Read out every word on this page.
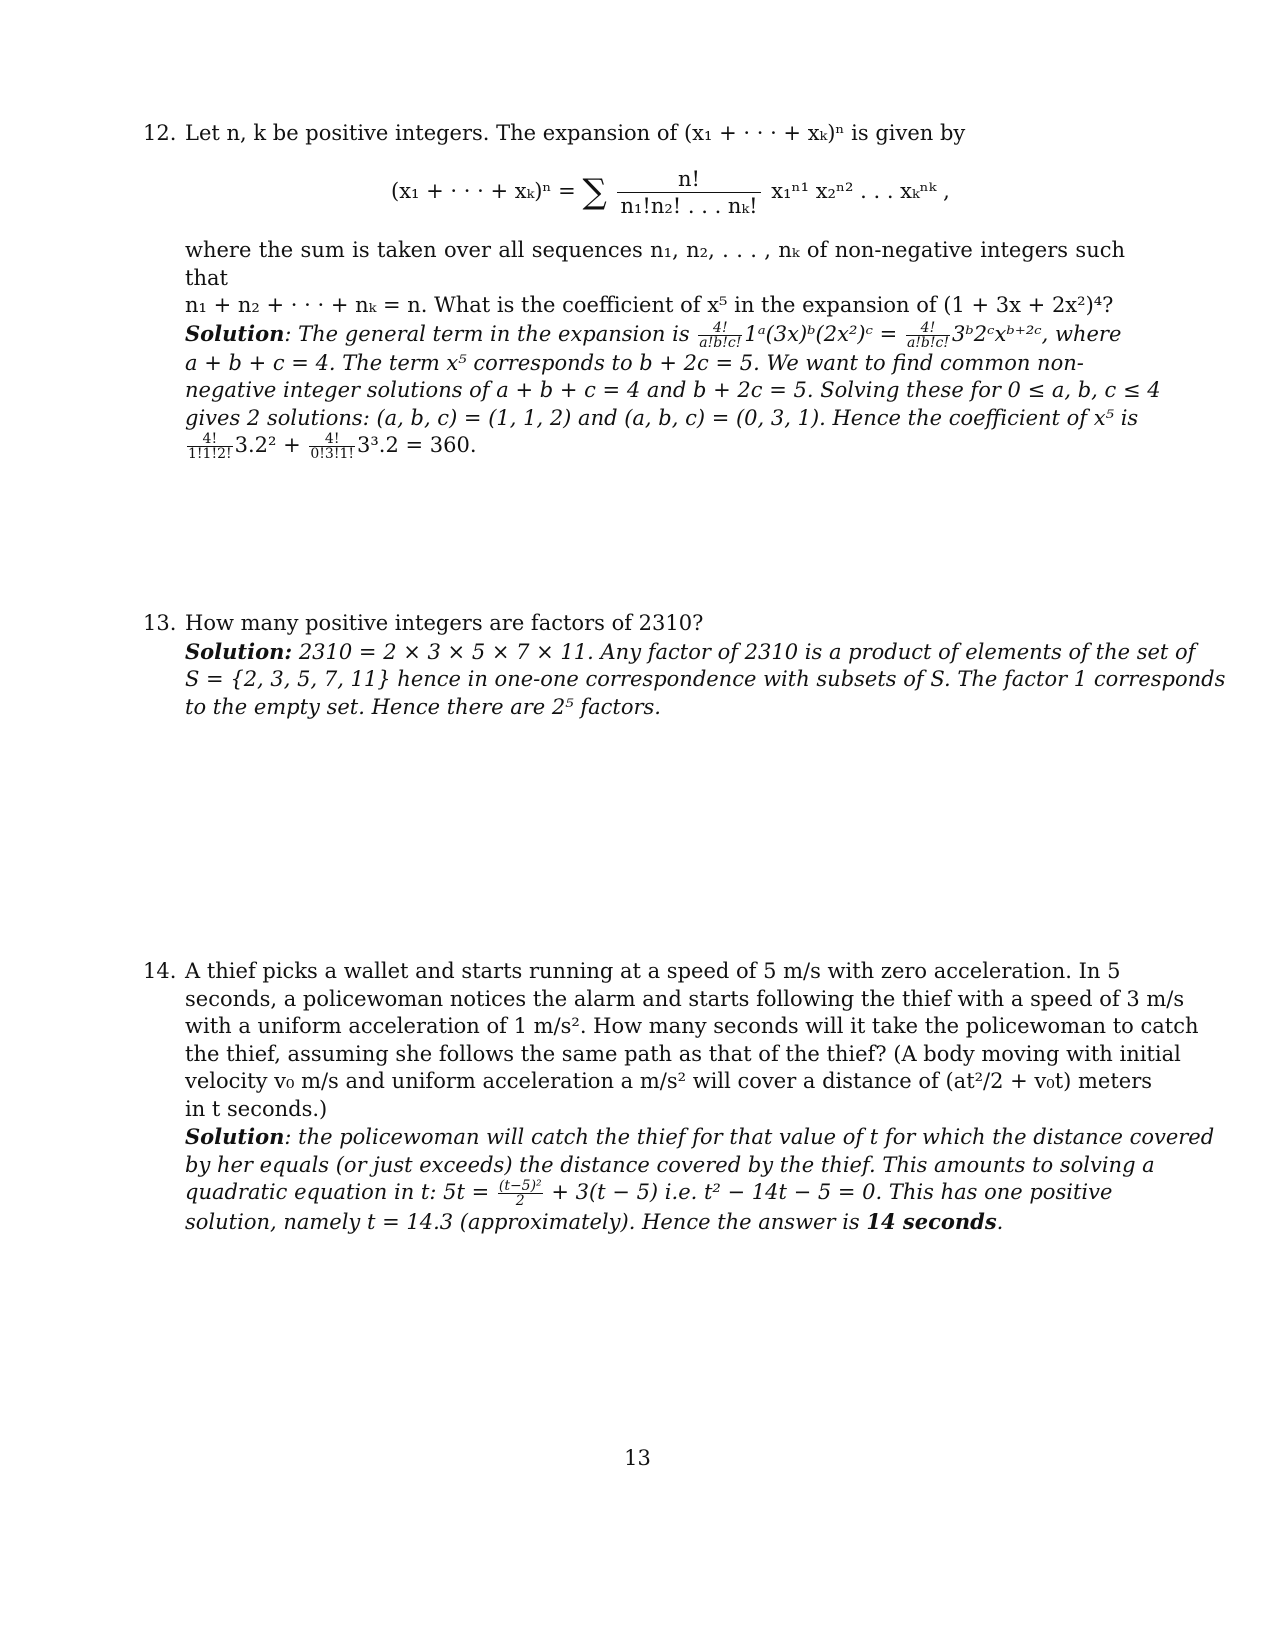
12. Let n, k be positive integers. The expansion of (x₁ + · · · + xₖ)ⁿ is given by
(x₁ + · · · + xₖ)ⁿ = ∑ $\frac{n!}{\text{n₁!n₂! . . . nₖ!}} x_1^{n1}$ x₂ⁿ² . . . xₖⁿᵏ ,
where the sum is taken over all sequences n₁, n₂, . . . , nₖ of non-negative integers such that
n₁ + n₂ + · · · + nₖ = n. What is the coefficient of x⁵ in the expansion of (1 + 3x + 2x²)⁴?
Solution: The general term in the expansion is $\frac{4!}{a!b!c!}$ 1ᵃ(3x)ᵇ(2x²)ᶜ = $\frac{4!}{a!b!c!}$ 3ᵇ2ᶜxᵇ⁺²ᶜ, where
a + b + c = 4. The term x⁵ corresponds to b + 2c = 5. We want to find common non-
negative integer solutions of a + b + c = 4 and b + 2c = 5. Solving these for 0 ≤ a, b, c ≤ 4
gives 2 solutions: (a, b, c) = (1, 1, 2) and (a, b, c) = (0, 3, 1). Hence the coefficient of x⁵ is
$\frac{4!}{1!1!2!} 3.2^2 + \frac{4!}{0!3!1!} 3^3.2 = 360$.
13. How many positive integers are factors of 2310?
Solution: 2310 = 2 × 3 × 5 × 7 × 11. Any factor of 2310 is a product of elements of the set of
S = {2, 3, 5, 7, 11} hence in one-one correspondence with subsets of S. The factor 1 corresponds
to the empty set. Hence there are 2⁵ factors.
14. A thief picks a wallet and starts running at a speed of 5 m/s with zero acceleration. In 5
seconds, a policewoman notices the alarm and starts following the thief with a speed of 3 m/s
with a uniform acceleration of 1 m/s². How many seconds will it take the policewoman to catch
the thief, assuming she follows the same path as that of the thief? (A body moving with initial
velocity v₀ m/s and uniform acceleration a m/s² will cover a distance of (at²/2 + v₀t) meters
in t seconds.)
Solution: the policewoman will catch the thief for that value of t for which the distance covered
by her equals (or just exceeds) the distance covered by the thief. This amounts to solving a
quadratic equation in t: $5t = \frac{\text{(t−5)²}}{2} + 3(t - 5)$ i.e. t² − 14t − 5 = 0. This has one positive
solution, namely t = 14.3 (approximately). Hence the answer is 14 seconds.
13
